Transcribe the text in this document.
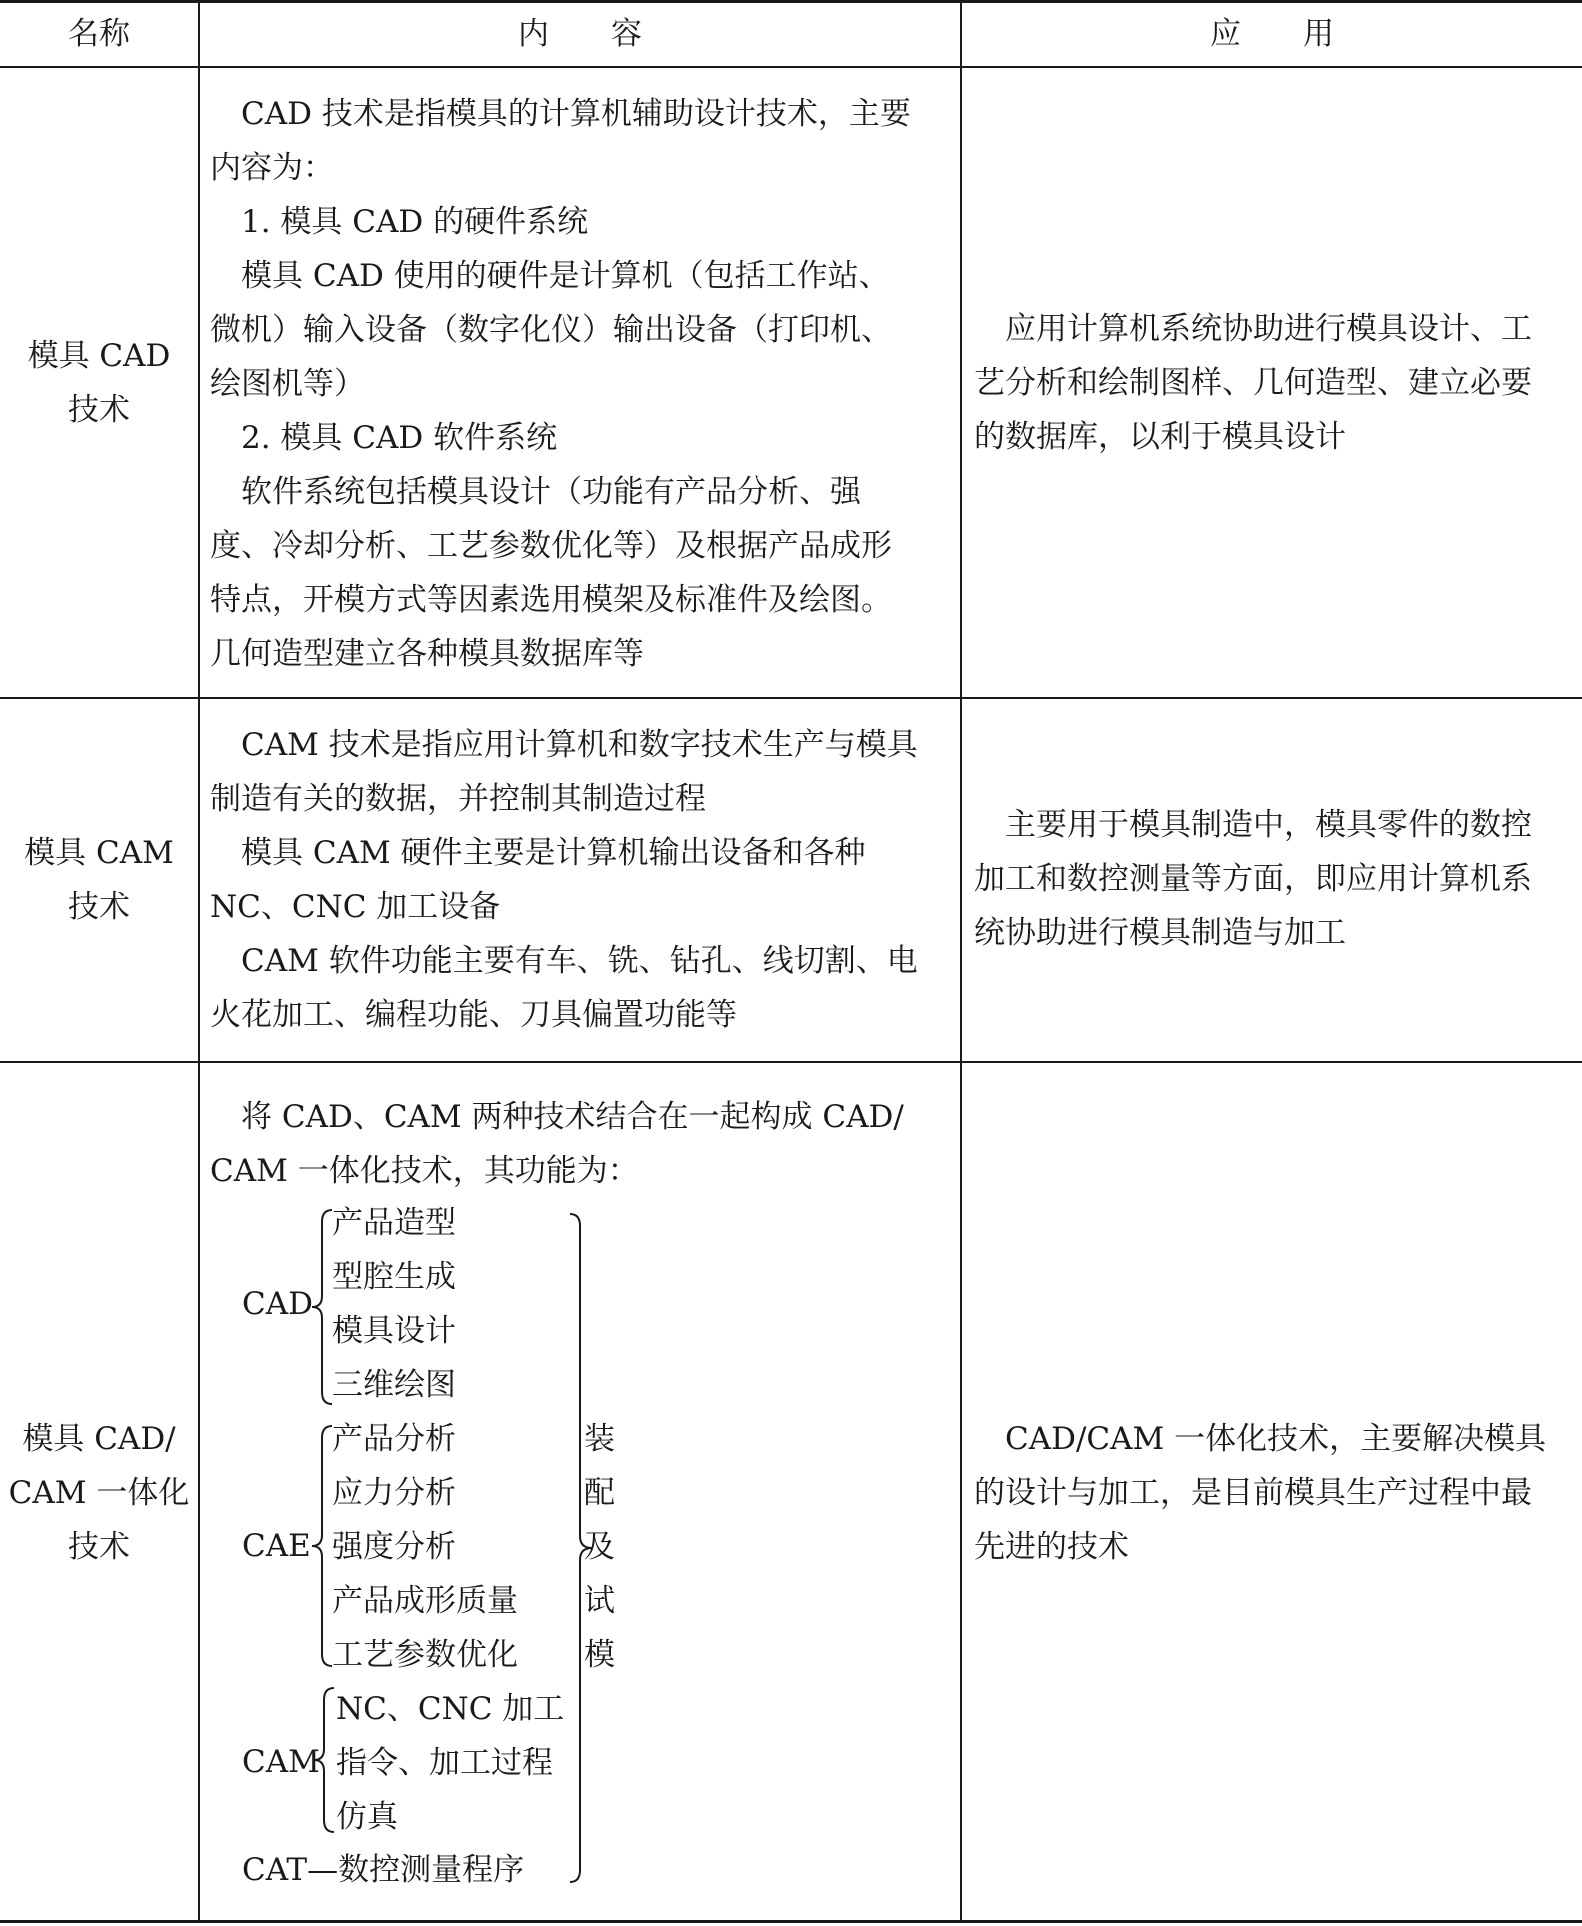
名称	内　　容	应　　用
模具 CAD
技术
　CAD 技术是指模具的计算机辅助设计技术，主要
内容为：
　1. 模具 CAD 的硬件系统
　模具 CAD 使用的硬件是计算机（包括工作站、
微机）输入设备（数字化仪）输出设备（打印机、
绘图机等）
　2. 模具 CAD 软件系统
　软件系统包括模具设计（功能有产品分析、强
度、冷却分析、工艺参数优化等）及根据产品成形
特点，开模方式等因素选用模架及标准件及绘图。
几何造型建立各种模具数据库等
　应用计算机系统协助进行模具设计、工
艺分析和绘制图样、几何造型、建立必要
的数据库，以利于模具设计
模具 CAM
技术
　CAM 技术是指应用计算机和数字技术生产与模具
制造有关的数据，并控制其制造过程
　模具 CAM 硬件主要是计算机输出设备和各种
NC、CNC 加工设备
　CAM 软件功能主要有车、铣、钻孔、线切割、电
火花加工、编程功能、刀具偏置功能等
　主要用于模具制造中，模具零件的数控
加工和数控测量等方面，即应用计算机系
统协助进行模具制造与加工
模具 CAD/
CAM 一体化
技术
　将 CAD、CAM 两种技术结合在一起构成 CAD/
CAM 一体化技术，其功能为：
CAD
产品造型
型腔生成
模具设计
三维绘图
CAE
产品分析
应力分析
强度分析
产品成形质量
工艺参数优化
CAM
NC、CNC 加工
指令、加工过程
仿真
CAT—数控测量程序
装
配
及
试
模
　CAD/CAM 一体化技术，主要解决模具
的设计与加工，是目前模具生产过程中最
先进的技术
